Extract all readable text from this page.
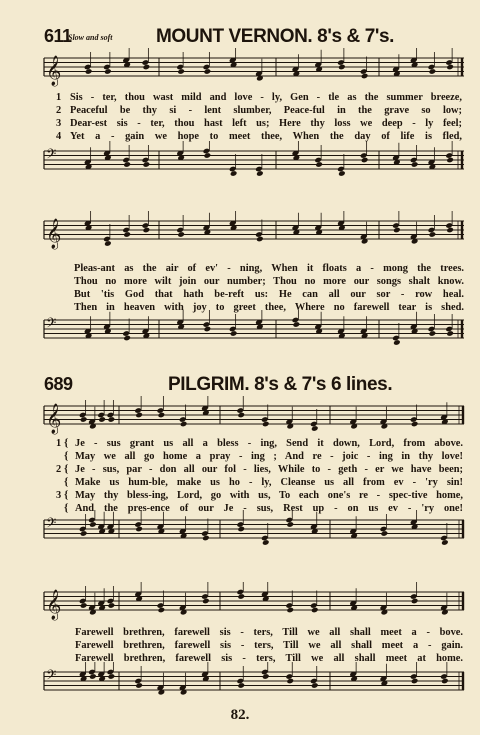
611
Slow and soft MOUNT VERNON. 8's & 7's.
𝄞
1 Sis - ter, thou wast mild and love - ly, Gen - tle as the summer breeze,
2 Peaceful be thy si - lent slumber, Peace-ful in the grave so low;
3 Dear-est sis - ter, thou hast left us; Here thy loss we deep - ly feel;
4 Yet a - gain we hope to meet thee, When the day of life is fled,
𝄢
𝄞
Pleas-ant as the air of ev' - ning, When it floats a - mong the trees.
Thou no more wilt join our number; Thou no more our songs shalt know.
But 'tis God that hath be-reft us: He can all our sor - row heal.
Then in heaven with joy to greet thee, Where no farewell tear is shed.
𝄢
689	PILGRIM. 8's & 7's 6 lines.
𝄞
1 { Je - sus grant us all a bless - ing, Send it down, Lord, from above.
{ May we all go home a pray - ing ; And re - joic - ing in thy love!
2 { Je - sus, par - don all our fol - lies, While to - geth - er we have been;
{ Make us hum-ble, make us ho - ly, Cleanse us all from ev - 'ry sin!
3 { May thy bless-ing, Lord, go with us, To each one's re - spec-tive home,
{ And the pres-ence of our Je - sus, Rest up - on us ev - 'ry one!
𝄢
𝄞
Farewell brethren, farewell sis - ters, Till we all shall meet a - bove.
Farewell brethren, farewell sis - ters, Till we all shall meet a - gain.
Farewell brethren, farewell sis - ters, Till we all shall meet at home.
𝄢
82.
